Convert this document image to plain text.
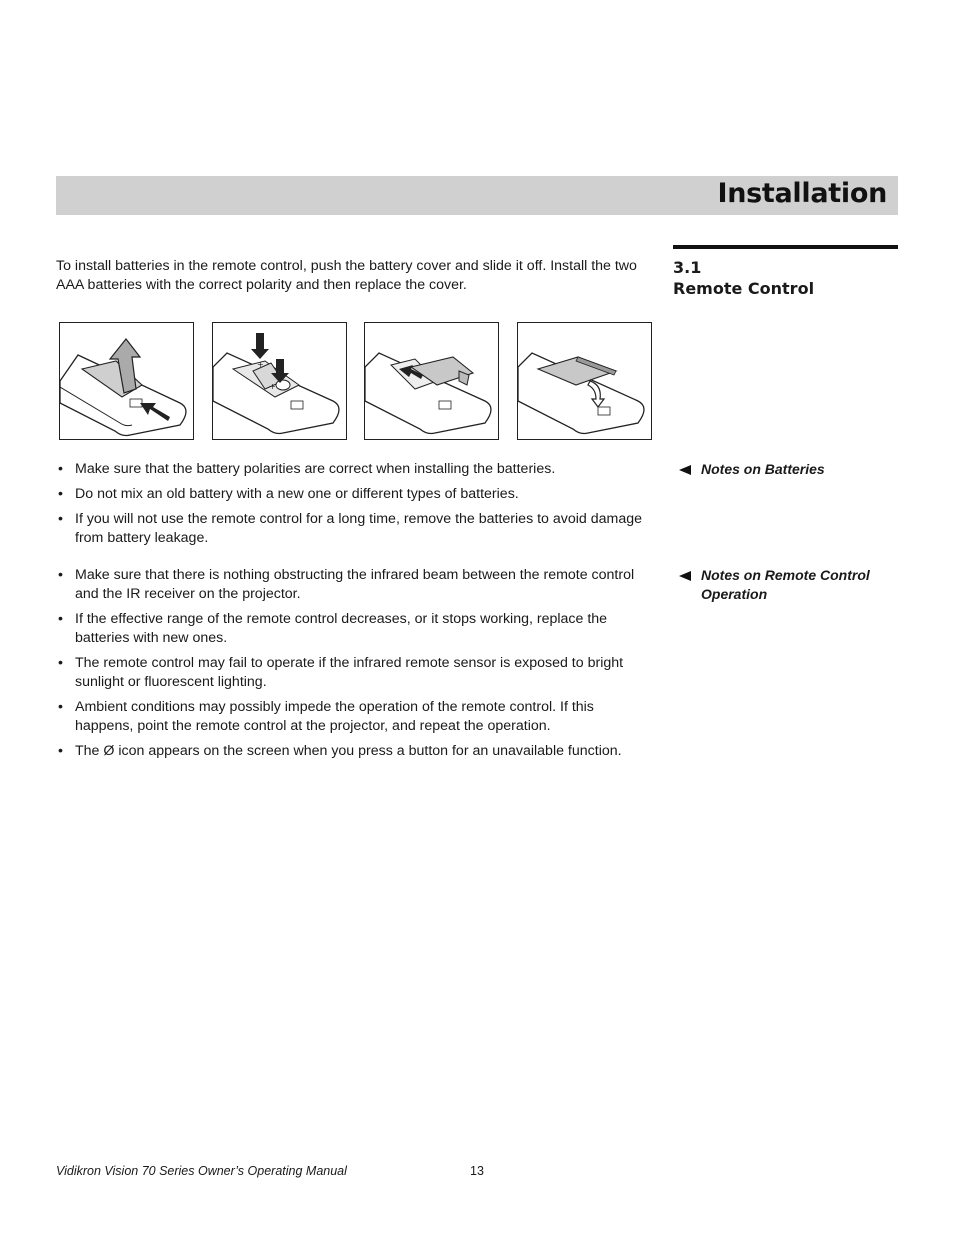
Installation
3.1
Remote Control

To install batteries in the remote control, push the battery cover and slide it off. Install the two AAA batteries with the correct polarity and then replace the cover.

+
+
• Make sure that the battery polarities are correct when installing the batteries.
• Do not mix an old battery with a new one or different types of batteries.
• If you will not use the remote control for a long time, remove the batteries to avoid damage from battery leakage.
Notes on Batteries
• Make sure that there is nothing obstructing the infrared beam between the remote control and the IR receiver on the projector.
• If the effective range of the remote control decreases, or it stops working, replace the batteries with new ones.
• The remote control may fail to operate if the infrared remote sensor is exposed to bright sunlight or fluorescent lighting.
• Ambient conditions may possibly impede the operation of the remote control. If this happens, point the remote control at the projector, and repeat the operation.
• The Ø icon appears on the screen when you press a button for an unavailable function.
Notes on Remote Control Operation
Vidikron Vision 70 Series Owner’s Operating Manual	13
